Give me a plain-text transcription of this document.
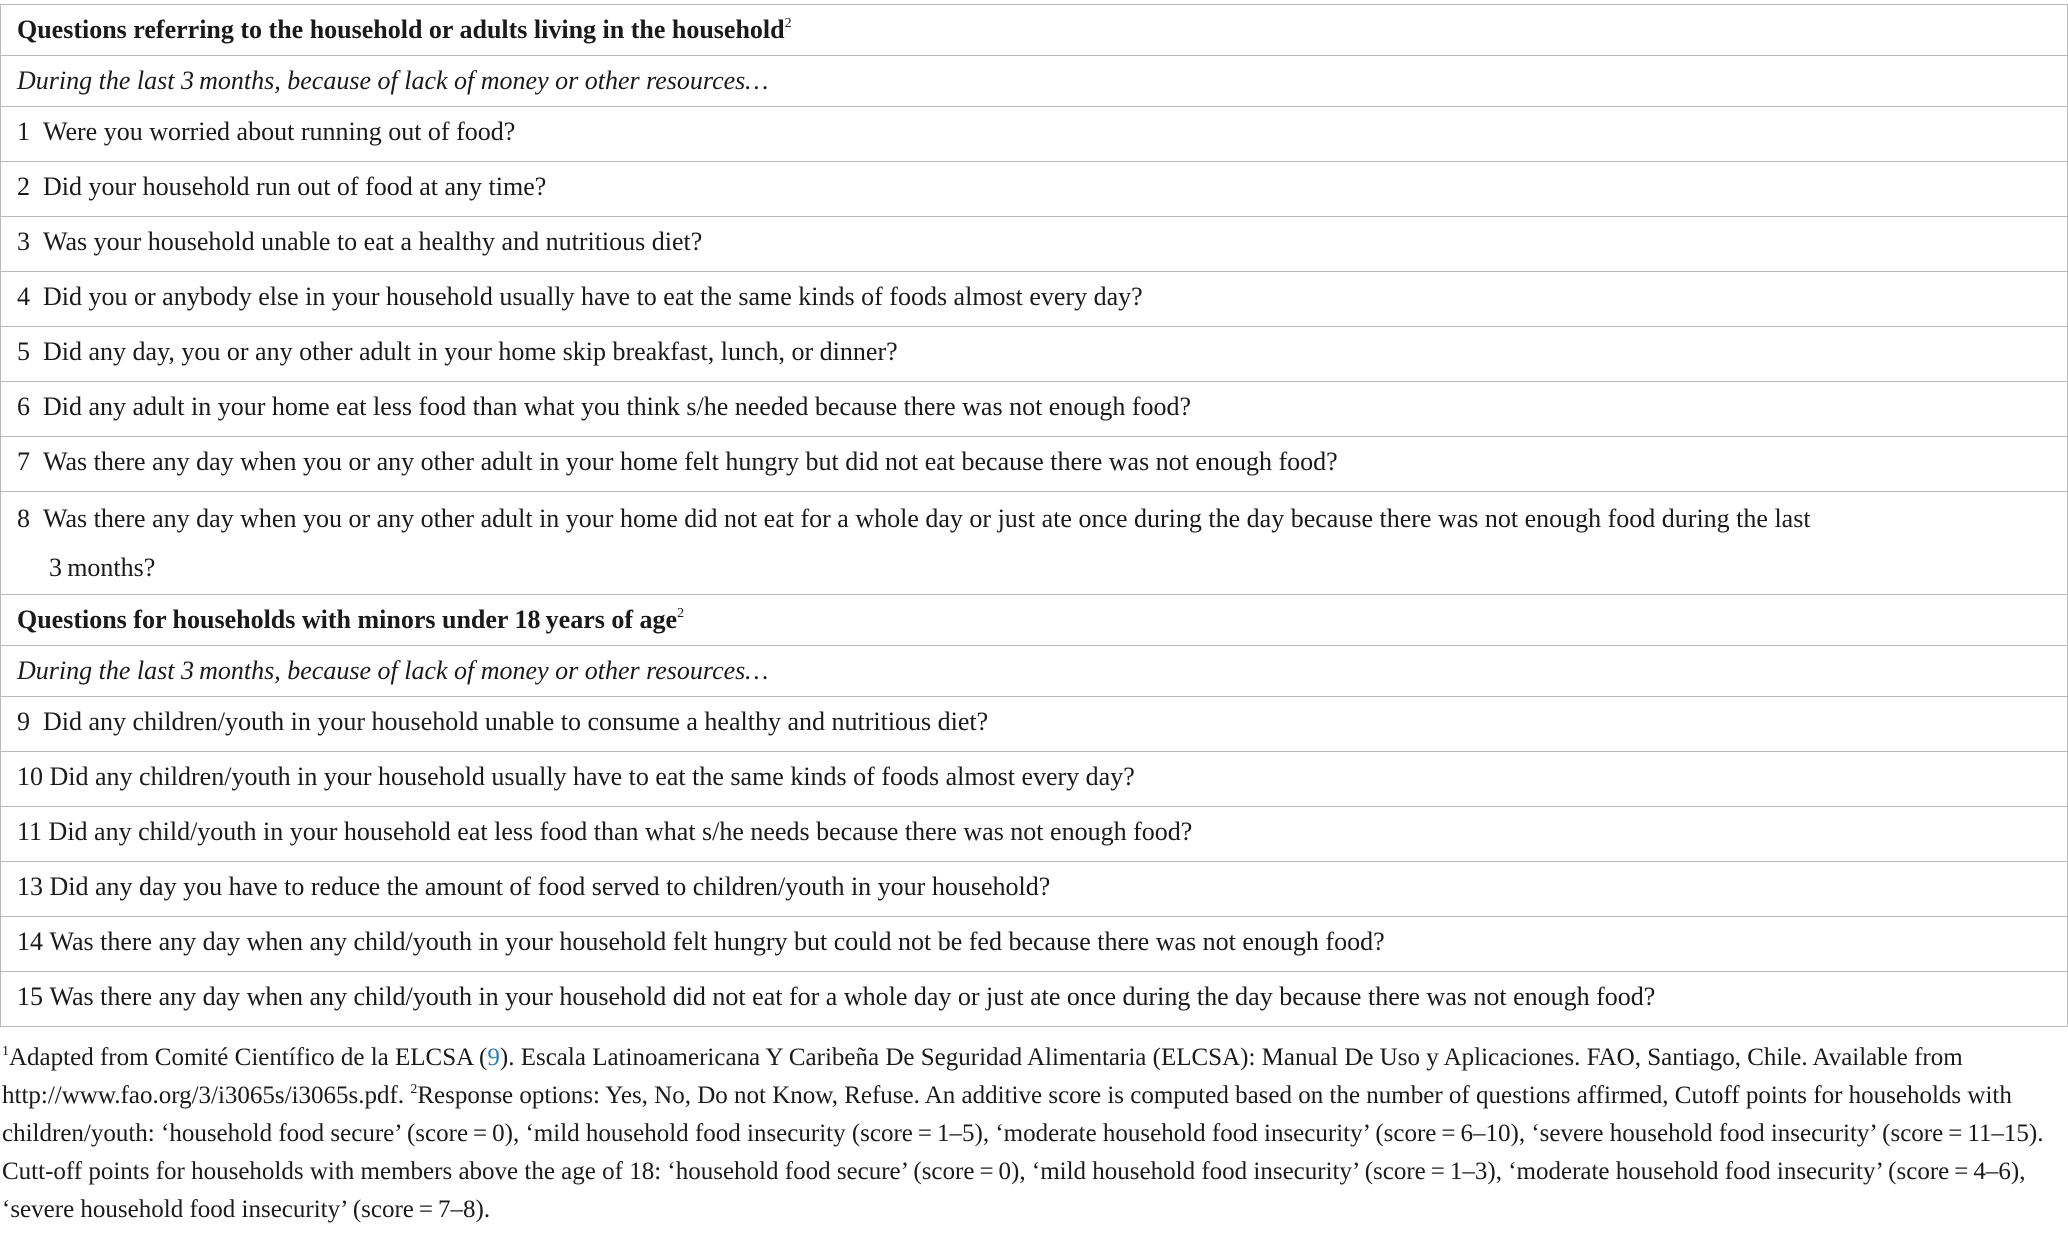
Questions referring to the household or adults living in the household$^2$
During the last 3 months, because of lack of money or other resources…
1 Were you worried about running out of food?
2 Did your household run out of food at any time?
3 Was your household unable to eat a healthy and nutritious diet?
4 Did you or anybody else in your household usually have to eat the same kinds of foods almost every day?
5 Did any day, you or any other adult in your home skip breakfast, lunch, or dinner?
6 Did any adult in your home eat less food than what you think s/he needed because there was not enough food?
7 Was there any day when you or any other adult in your home felt hungry but did not eat because there was not enough food?
8 Was there any day when you or any other adult in your home did not eat for a whole day or just ate once during the day because there was not enough food during the last
3 months?
Questions for households with minors under 18 years of age$^2$
During the last 3 months, because of lack of money or other resources…
9 Did any children/youth in your household unable to consume a healthy and nutritious diet?
10 Did any children/youth in your household usually have to eat the same kinds of foods almost every day?
11 Did any child/youth in your household eat less food than what s/he needs because there was not enough food?
13 Did any day you have to reduce the amount of food served to children/youth in your household?
14 Was there any day when any child/youth in your household felt hungry but could not be fed because there was not enough food?
15 Was there any day when any child/youth in your household did not eat for a whole day or just ate once during the day because there was not enough food?
$^1$Adapted from Comité Científico de la ELCSA (9). Escala Latinoamericana Y Caribeña De Seguridad Alimentaria (ELCSA): Manual De Uso y Aplicaciones. FAO, Santiago, Chile. Available from http://www.fao.org/3/i3065s/i3065s.pdf. $^2$Response options: Yes, No, Do not Know, Refuse. An additive score is computed based on the number of questions affirmed, Cutoff points for households with children/youth: ‘household food secure’ (score = 0), ‘mild household food insecurity (score = 1–5), ‘moderate household food insecurity’ (score = 6–10), ‘severe household food insecurity’ (score = 11–15). Cutt-off points for households with members above the age of 18: ‘household food secure’ (score = 0), ‘mild household food insecurity’ (score = 1–3), ‘moderate household food insecurity’ (score = 4–6), ‘severe household food insecurity’ (score = 7–8).
